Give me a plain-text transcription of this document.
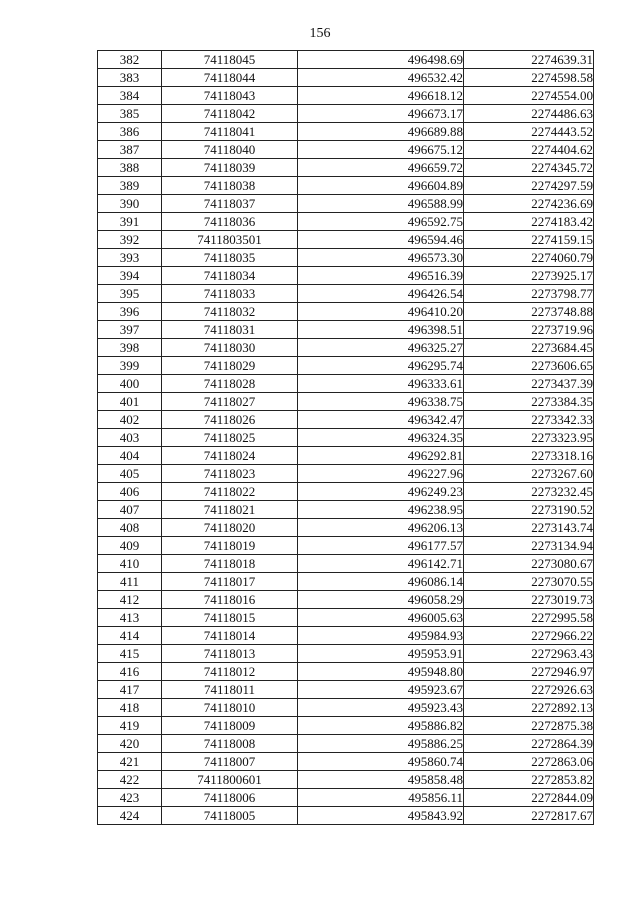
156
382	74118045	496498.69	2274639.31
383	74118044	496532.42	2274598.58
384	74118043	496618.12	2274554.00
385	74118042	496673.17	2274486.63
386	74118041	496689.88	2274443.52
387	74118040	496675.12	2274404.62
388	74118039	496659.72	2274345.72
389	74118038	496604.89	2274297.59
390	74118037	496588.99	2274236.69
391	74118036	496592.75	2274183.42
392	7411803501	496594.46	2274159.15
393	74118035	496573.30	2274060.79
394	74118034	496516.39	2273925.17
395	74118033	496426.54	2273798.77
396	74118032	496410.20	2273748.88
397	74118031	496398.51	2273719.96
398	74118030	496325.27	2273684.45
399	74118029	496295.74	2273606.65
400	74118028	496333.61	2273437.39
401	74118027	496338.75	2273384.35
402	74118026	496342.47	2273342.33
403	74118025	496324.35	2273323.95
404	74118024	496292.81	2273318.16
405	74118023	496227.96	2273267.60
406	74118022	496249.23	2273232.45
407	74118021	496238.95	2273190.52
408	74118020	496206.13	2273143.74
409	74118019	496177.57	2273134.94
410	74118018	496142.71	2273080.67
411	74118017	496086.14	2273070.55
412	74118016	496058.29	2273019.73
413	74118015	496005.63	2272995.58
414	74118014	495984.93	2272966.22
415	74118013	495953.91	2272963.43
416	74118012	495948.80	2272946.97
417	74118011	495923.67	2272926.63
418	74118010	495923.43	2272892.13
419	74118009	495886.82	2272875.38
420	74118008	495886.25	2272864.39
421	74118007	495860.74	2272863.06
422	7411800601	495858.48	2272853.82
423	74118006	495856.11	2272844.09
424	74118005	495843.92	2272817.67
